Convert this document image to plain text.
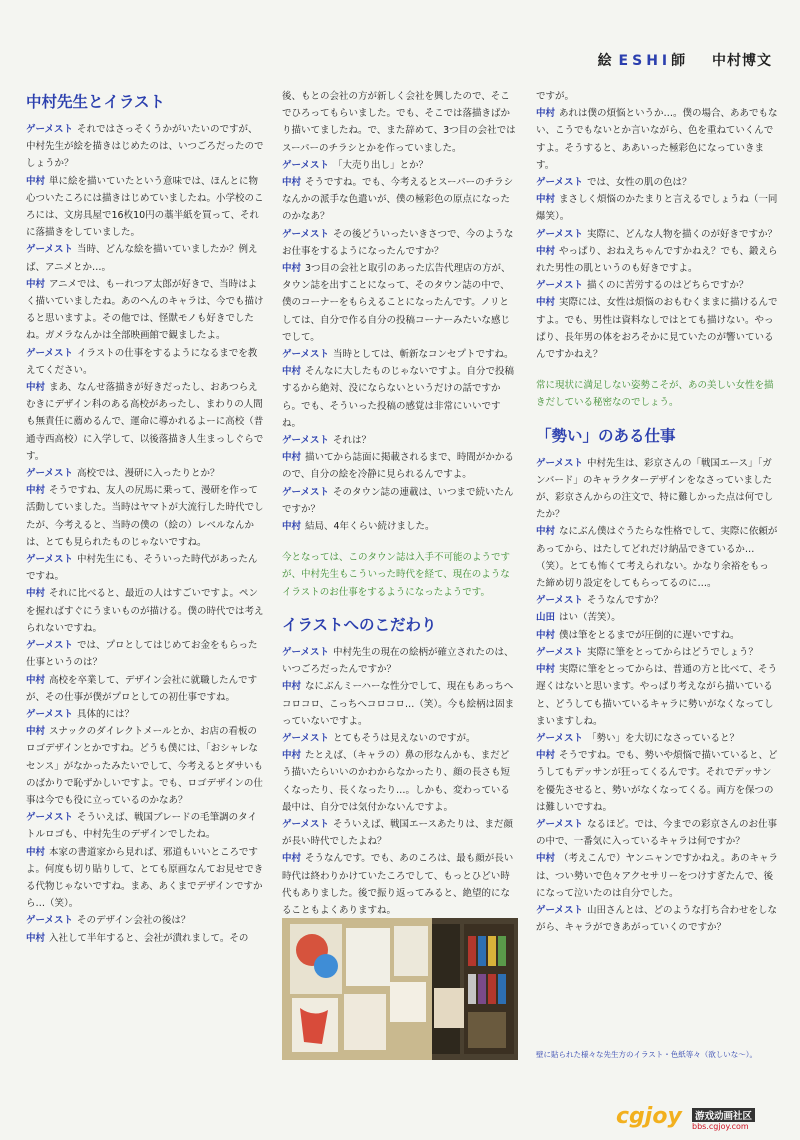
絵 ESHI師 中村博文
中村先生とイラスト

ゲーメスト それではさっそくうかがいたいのですが、中村先生が絵を描きはじめたのは、いつごろだったのでしょうか？

中村 単に絵を描いていたという意味では、ほんとに物心ついたころには描きはじめていましたね。小学校のころには、文房具屋で16枚10円の藁半紙を買って、それに落描きをしていました。

ゲーメスト 当時、どんな絵を描いていましたか？例えば、アニメとか…。

中村 アニメでは、もーれつア太郎が好きで、当時はよく描いていましたね。あのへんのキャラは、今でも描けると思いますよ。その他では、怪獣モノも好きでしたね。ガメラなんかは全部映画館で観ましたよ。

ゲーメスト イラストの仕事をするようになるまでを教えてください。

中村 まあ、なんせ落描きが好きだったし、おあつらえむきにデザイン科のある高校があったし、まわりの人間も無責任に薦めるんで、運命に導かれるよーに高校（普通寺西高校）に入学して、以後落描き人生まっしぐらです。

ゲーメスト 高校では、漫研に入ったりとか？

中村 そうですね、友人の尻馬に乗って、漫研を作って活動していました。当時はヤマトが大流行した時代でしたが、今考えると、当時の僕の（絵の）レベルなんかは、とても見られたものじゃないですね。

ゲーメスト 中村先生にも、そういった時代があったんですね。

中村 それに比べると、最近の人はすごいですよ。ペンを握ればすぐにうまいものが描ける。僕の時代では考えられないですね。

ゲーメスト では、プロとしてはじめてお金をもらった仕事というのは？

中村 高校を卒業して、デザイン会社に就職したんですが、その仕事が僕がプロとしての初仕事ですね。

ゲーメスト 具体的には？

中村 スナックのダイレクトメールとか、お店の看板のロゴデザインとかですね。どうも僕には、「おシャレなセンス」がなかったみたいでして、今考えるとダサいものばかりで恥ずかしいですよ。でも、ロゴデザインの仕事は今でも役に立っているのかなあ？

ゲーメスト そういえば、戦国ブレードの毛筆調のタイトルロゴも、中村先生のデザインでしたね。

中村 本家の書道家から見れば、邪道もいいところですよ。何度も切り貼りして、とても原画なんてお見せできる代物じゃないですね。まあ、あくまでデザインですから…（笑）。

ゲーメスト そのデザイン会社の後は？

中村 入社して半年すると、会社が潰れまして。その

後、もとの会社の方が新しく会社を興したので、そこでひろってもらいました。でも、そこでは落描きばかり描いてましたね。で、また辞めて、3つ目の会社ではスーパーのチラシとかを作っていました。

ゲーメスト 「大売り出し」とか？

中村 そうですね。でも、今考えるとスーパーのチラシなんかの派手な色遣いが、僕の極彩色の原点になったのかなあ？

ゲーメスト その後どういったいきさつで、今のようなお仕事をするようになったんですか？

中村 3つ目の会社と取引のあった広告代理店の方が、タウン誌を出すことになって、そのタウン誌の中で、僕のコーナーをもらえることになったんです。ノリとしては、自分で作る自分の投稿コーナーみたいな感じでして。

ゲーメスト 当時としては、斬新なコンセプトですね。

中村 そんなに大したものじゃないですよ。自分で投稿するから絶対、没にならないというだけの話ですから。でも、そういった投稿の感覚は非常にいいですね。

ゲーメスト それは？

中村 描いてから誌面に掲載されるまで、時間がかかるので、自分の絵を冷静に見られるんですよ。

ゲーメスト そのタウン誌の連載は、いつまで続いたんですか？

中村 結局、4年くらい続けました。

今となっては、このタウン誌は入手不可能のようですが、中村先生もこういった時代を経て、現在のようなイラストのお仕事をするようになったようです。

イラストへのこだわり

ゲーメスト 中村先生の現在の絵柄が確立されたのは、いつごろだったんですか？

中村 なにぶんミーハーな性分でして、現在もあっちへコロコロ、こっちへコロコロ…（笑）。今も絵柄は固まっていないですよ。

ゲーメスト とてもそうは見えないのですが。

中村 たとえば、（キャラの）鼻の形なんかも、まだどう描いたらいいのかわからなかったり、顔の長さも短くなったり、長くなったり…。しかも、変わっている最中は、自分では気付かないんですよ。

ゲーメスト そういえば、戦国エースあたりは、まだ顔が長い時代でしたよね？

中村 そうなんです。でも、あのころは、最も顔が長い時代は終わりかけていたころでして、もっとひどい時代もありました。後で振り返ってみると、絶望的になることもよくありますね。

ですが。

中村 あれは僕の煩悩というか…。僕の場合、ああでもない、こうでもないとか言いながら、色を重ねていくんですよ。そうすると、ああいった極彩色になっていきます。

ゲーメスト では、女性の肌の色は？

中村 まさしく煩悩のかたまりと言えるでしょうね（一同爆笑）。

ゲーメスト 実際に、どんな人物を描くのが好きですか？

中村 やっぱり、おねえちゃんですかねえ？でも、鍛えられた男性の肌というのも好きですよ。

ゲーメスト 描くのに苦労するのはどちらですか？

中村 実際には、女性は煩悩のおもむくままに描けるんですよ。でも、男性は資料なしではとても描けない。やっぱり、長年男の体をおろそかに見ていたのが響いているんですかねえ？

常に現状に満足しない姿勢こそが、あの美しい女性を描きだしている秘密なのでしょう。

「勢い」のある仕事

ゲーメスト 中村先生は、彩京さんの「戦国エース」「ガンバード」のキャラクターデザインをなさっていましたが、彩京さんからの注文で、特に難しかった点は何でしたか？

中村 なにぶん僕はぐうたらな性格でして、実際に依頼があってから、はたしてどれだけ納品できているか…（笑）。とても怖くて考えられない。かなり余裕をもった締め切り設定をしてもらってるのに…。

ゲーメスト そうなんですか？

山田 はい（苦笑）。

中村 僕は筆をとるまでが圧倒的に遅いですね。

ゲーメスト 実際に筆をとってからはどうでしょう？

中村 実際に筆をとってからは、普通の方と比べて、そう遅くはないと思います。やっぱり考えながら描いていると、どうしても描いているキャラに勢いがなくなってしまいますしね。

ゲーメスト 「勢い」を大切になさっていると？

中村 そうですね。でも、勢いや煩悩で描いていると、どうしてもデッサンが狂ってくるんです。それでデッサンを優先させると、勢いがなくなってくる。両方を保つのは難しいですね。

ゲーメスト なるほど。では、今までの彩京さんのお仕事の中で、一番気に入っているキャラは何ですか？

中村 （考えこんで）ヤンニャンですかねえ。あのキャラは、つい勢いで色々アクセサリーをつけすぎたんで、後になって泣いたのは自分でした。

ゲーメスト 山田さんとは、どのような打ち合わせをしながら、キャラができあがっていくのですか？

壁に貼られた様々な先生方のイラスト・色紙等々（欲しいな～）。
cgjoy	游戏动画社区
bbs.cgjoy.com
